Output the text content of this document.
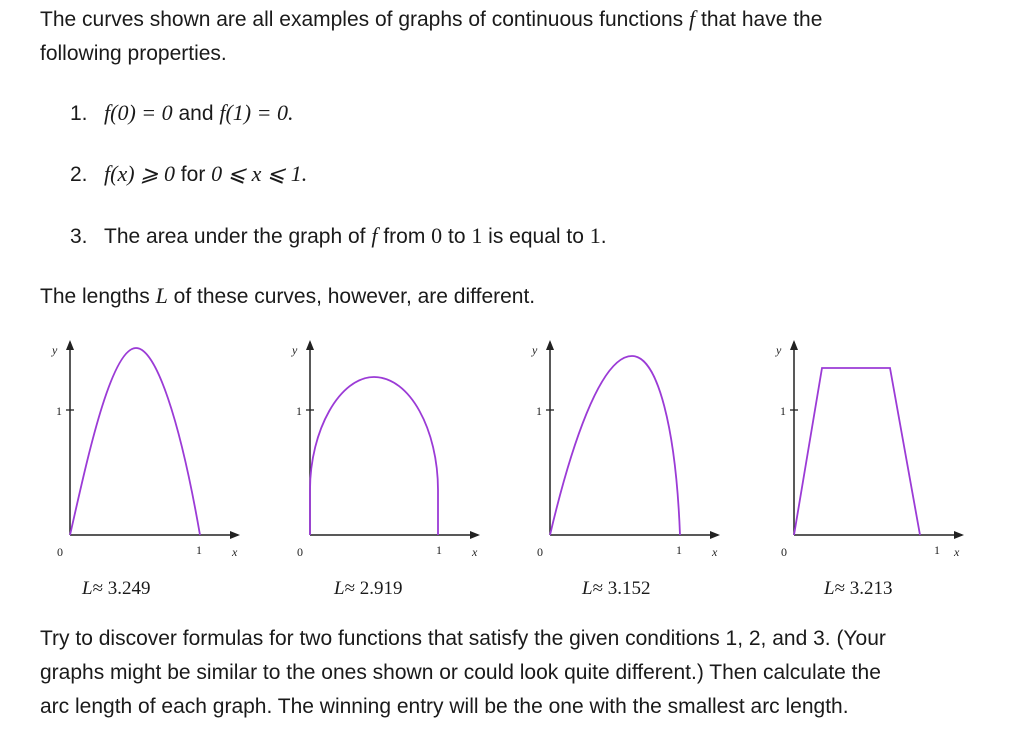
The curves shown are all examples of graphs of continuous functions f that have the
following properties.

1. f(0) = 0 and f(1) = 0.
2. f(x) ⩾ 0 for 0 ⩽ x ⩽ 1.
3. The area under the graph of f from 0 to 1 is equal to 1.

The lengths L of these curves, however, are different.

y
1
0	1	x
L≈ 3.249
y
1
0	1	x
L≈ 2.919
y
1
0	1	x
L≈ 3.152
y
1
0	1 x
L≈ 3.213

Try to discover formulas for two functions that satisfy the given conditions 1, 2, and 3. (Your
graphs might be similar to the ones shown or could look quite different.) Then calculate the
arc length of each graph. The winning entry will be the one with the smallest arc length.
